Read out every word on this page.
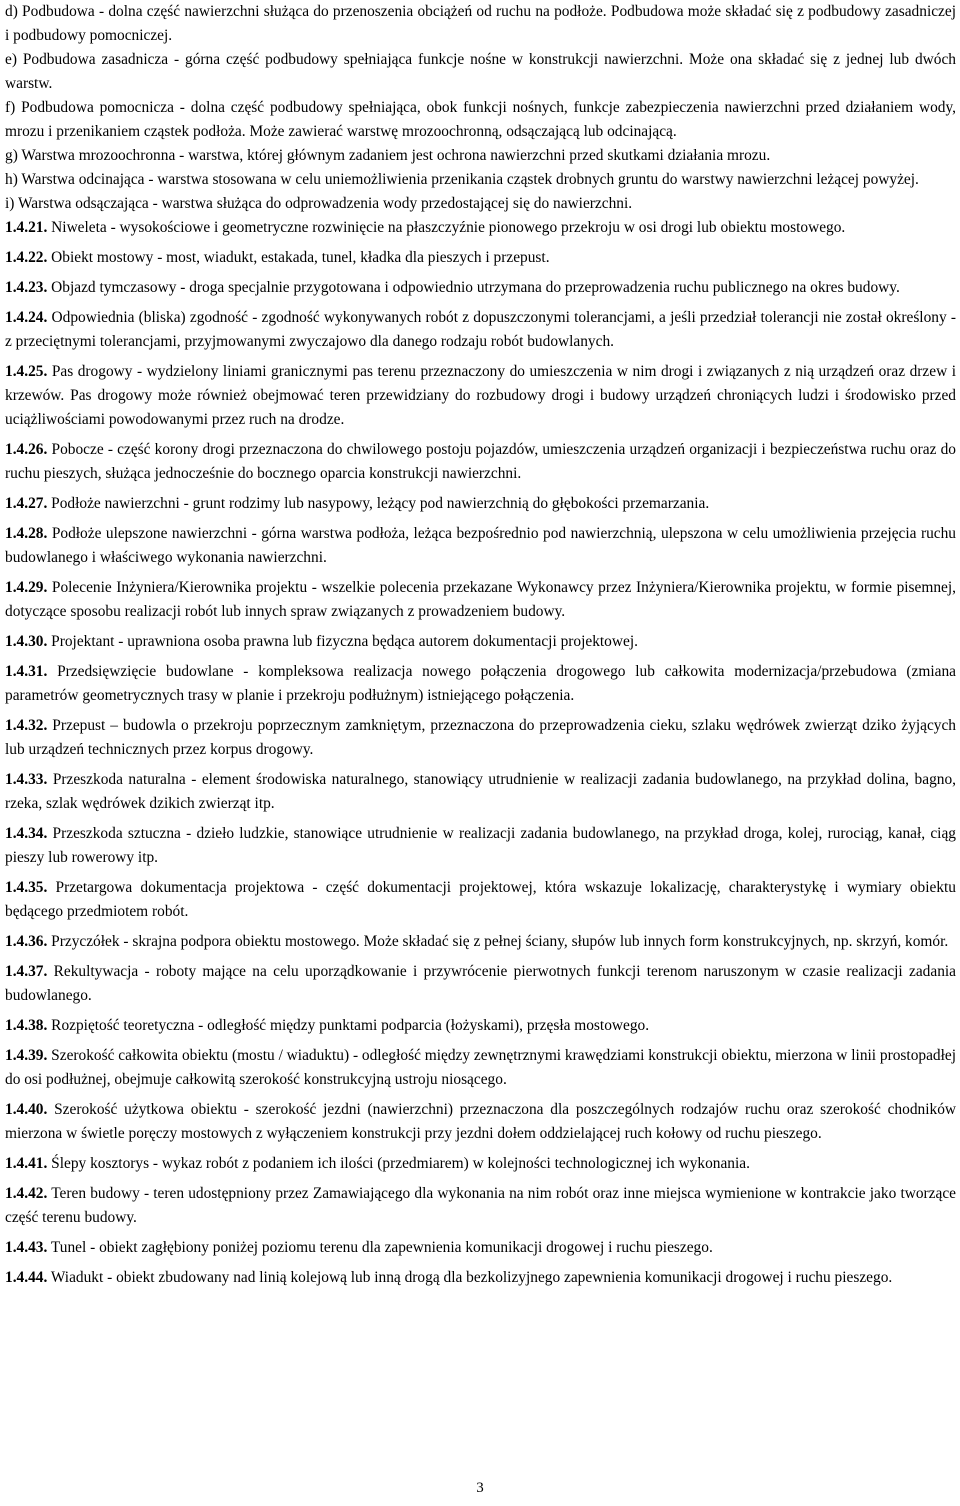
d) Podbudowa - dolna część nawierzchni służąca do przenoszenia obciążeń od ruchu na podłoże. Podbudowa może składać się z podbudowy zasadniczej i podbudowy pomocniczej.

e) Podbudowa zasadnicza - górna część podbudowy spełniająca funkcje nośne w konstrukcji nawierzchni. Może ona składać się z jednej lub dwóch warstw.

f) Podbudowa pomocnicza - dolna część podbudowy spełniająca, obok funkcji nośnych, funkcje zabezpieczenia nawierzchni przed działaniem wody, mrozu i przenikaniem cząstek podłoża. Może zawierać warstwę mrozoochronną, odsączającą lub odcinającą.

g) Warstwa mrozoochronna - warstwa, której głównym zadaniem jest ochrona nawierzchni przed skutkami działania mrozu.

h) Warstwa odcinająca - warstwa stosowana w celu uniemożliwienia przenikania cząstek drobnych gruntu do warstwy nawierzchni leżącej powyżej.

i) Warstwa odsączająca - warstwa służąca do odprowadzenia wody przedostającej się do nawierzchni.

1.4.21. Niweleta - wysokościowe i geometryczne rozwinięcie na płaszczyźnie pionowego przekroju w osi drogi lub obiektu mostowego.

1.4.22. Obiekt mostowy - most, wiadukt, estakada, tunel, kładka dla pieszych i przepust.

1.4.23. Objazd tymczasowy - droga specjalnie przygotowana i odpowiednio utrzymana do przeprowadzenia ruchu publicznego na okres budowy.

1.4.24. Odpowiednia (bliska) zgodność - zgodność wykonywanych robót z dopuszczonymi tolerancjami, a jeśli przedział tolerancji nie został określony - z przeciętnymi tolerancjami, przyjmowanymi zwyczajowo dla danego rodzaju robót budowlanych.

1.4.25. Pas drogowy - wydzielony liniami granicznymi pas terenu przeznaczony do umieszczenia w nim drogi i związanych z nią urządzeń oraz drzew i krzewów. Pas drogowy może również obejmować teren przewidziany do rozbudowy drogi i budowy urządzeń chroniących ludzi i środowisko przed uciążliwościami powodowanymi przez ruch na drodze.

1.4.26. Pobocze - część korony drogi przeznaczona do chwilowego postoju pojazdów, umieszczenia urządzeń organizacji i bezpieczeństwa ruchu oraz do ruchu pieszych, służąca jednocześnie do bocznego oparcia konstrukcji nawierzchni.

1.4.27. Podłoże nawierzchni - grunt rodzimy lub nasypowy, leżący pod nawierzchnią do głębokości przemarzania.

1.4.28. Podłoże ulepszone nawierzchni - górna warstwa podłoża, leżąca bezpośrednio pod nawierzchnią, ulepszona w celu umożliwienia przejęcia ruchu budowlanego i właściwego wykonania nawierzchni.

1.4.29. Polecenie Inżyniera/Kierownika projektu - wszelkie polecenia przekazane Wykonawcy przez Inżyniera/Kierownika projektu, w formie pisemnej, dotyczące sposobu realizacji robót lub innych spraw związanych z prowadzeniem budowy.

1.4.30. Projektant - uprawniona osoba prawna lub fizyczna będąca autorem dokumentacji projektowej.

1.4.31. Przedsięwzięcie budowlane - kompleksowa realizacja nowego połączenia drogowego lub całkowita modernizacja/przebudowa (zmiana parametrów geometrycznych trasy w planie i przekroju podłużnym) istniejącego połączenia.

1.4.32. Przepust – budowla o przekroju poprzecznym zamkniętym, przeznaczona do przeprowadzenia cieku, szlaku wędrówek zwierząt dziko żyjących lub urządzeń technicznych przez korpus drogowy.

1.4.33. Przeszkoda naturalna - element środowiska naturalnego, stanowiący utrudnienie w realizacji zadania budowlanego, na przykład dolina, bagno, rzeka, szlak wędrówek dzikich zwierząt itp.

1.4.34. Przeszkoda sztuczna - dzieło ludzkie, stanowiące utrudnienie w realizacji zadania budowlanego, na przykład droga, kolej, rurociąg, kanał, ciąg pieszy lub rowerowy itp.

1.4.35. Przetargowa dokumentacja projektowa - część dokumentacji projektowej, która wskazuje lokalizację, charakterystykę i wymiary obiektu będącego przedmiotem robót.

1.4.36. Przyczółek - skrajna podpora obiektu mostowego. Może składać się z pełnej ściany, słupów lub innych form konstrukcyjnych, np. skrzyń, komór.

1.4.37. Rekultywacja - roboty mające na celu uporządkowanie i przywrócenie pierwotnych funkcji terenom naruszonym w czasie realizacji zadania budowlanego.

1.4.38. Rozpiętość teoretyczna - odległość między punktami podparcia (łożyskami), przęsła mostowego.

1.4.39. Szerokość całkowita obiektu (mostu / wiaduktu) - odległość między zewnętrznymi krawędziami konstrukcji obiektu, mierzona w linii prostopadłej do osi podłużnej, obejmuje całkowitą szerokość konstrukcyjną ustroju niosącego.

1.4.40. Szerokość użytkowa obiektu - szerokość jezdni (nawierzchni) przeznaczona dla poszczególnych rodzajów ruchu oraz szerokość chodników mierzona w świetle poręczy mostowych z wyłączeniem konstrukcji przy jezdni dołem oddzielającej ruch kołowy od ruchu pieszego.

1.4.41. Ślepy kosztorys - wykaz robót z podaniem ich ilości (przedmiarem) w kolejności technologicznej ich wykonania.

1.4.42. Teren budowy - teren udostępniony przez Zamawiającego dla wykonania na nim robót oraz inne miejsca wymienione w kontrakcie jako tworzące część terenu budowy.

1.4.43. Tunel - obiekt zagłębiony poniżej poziomu terenu dla zapewnienia komunikacji drogowej i ruchu pieszego.

1.4.44. Wiadukt - obiekt zbudowany nad linią kolejową lub inną drogą dla bezkolizyjnego zapewnienia komunikacji drogowej i ruchu pieszego.

3
